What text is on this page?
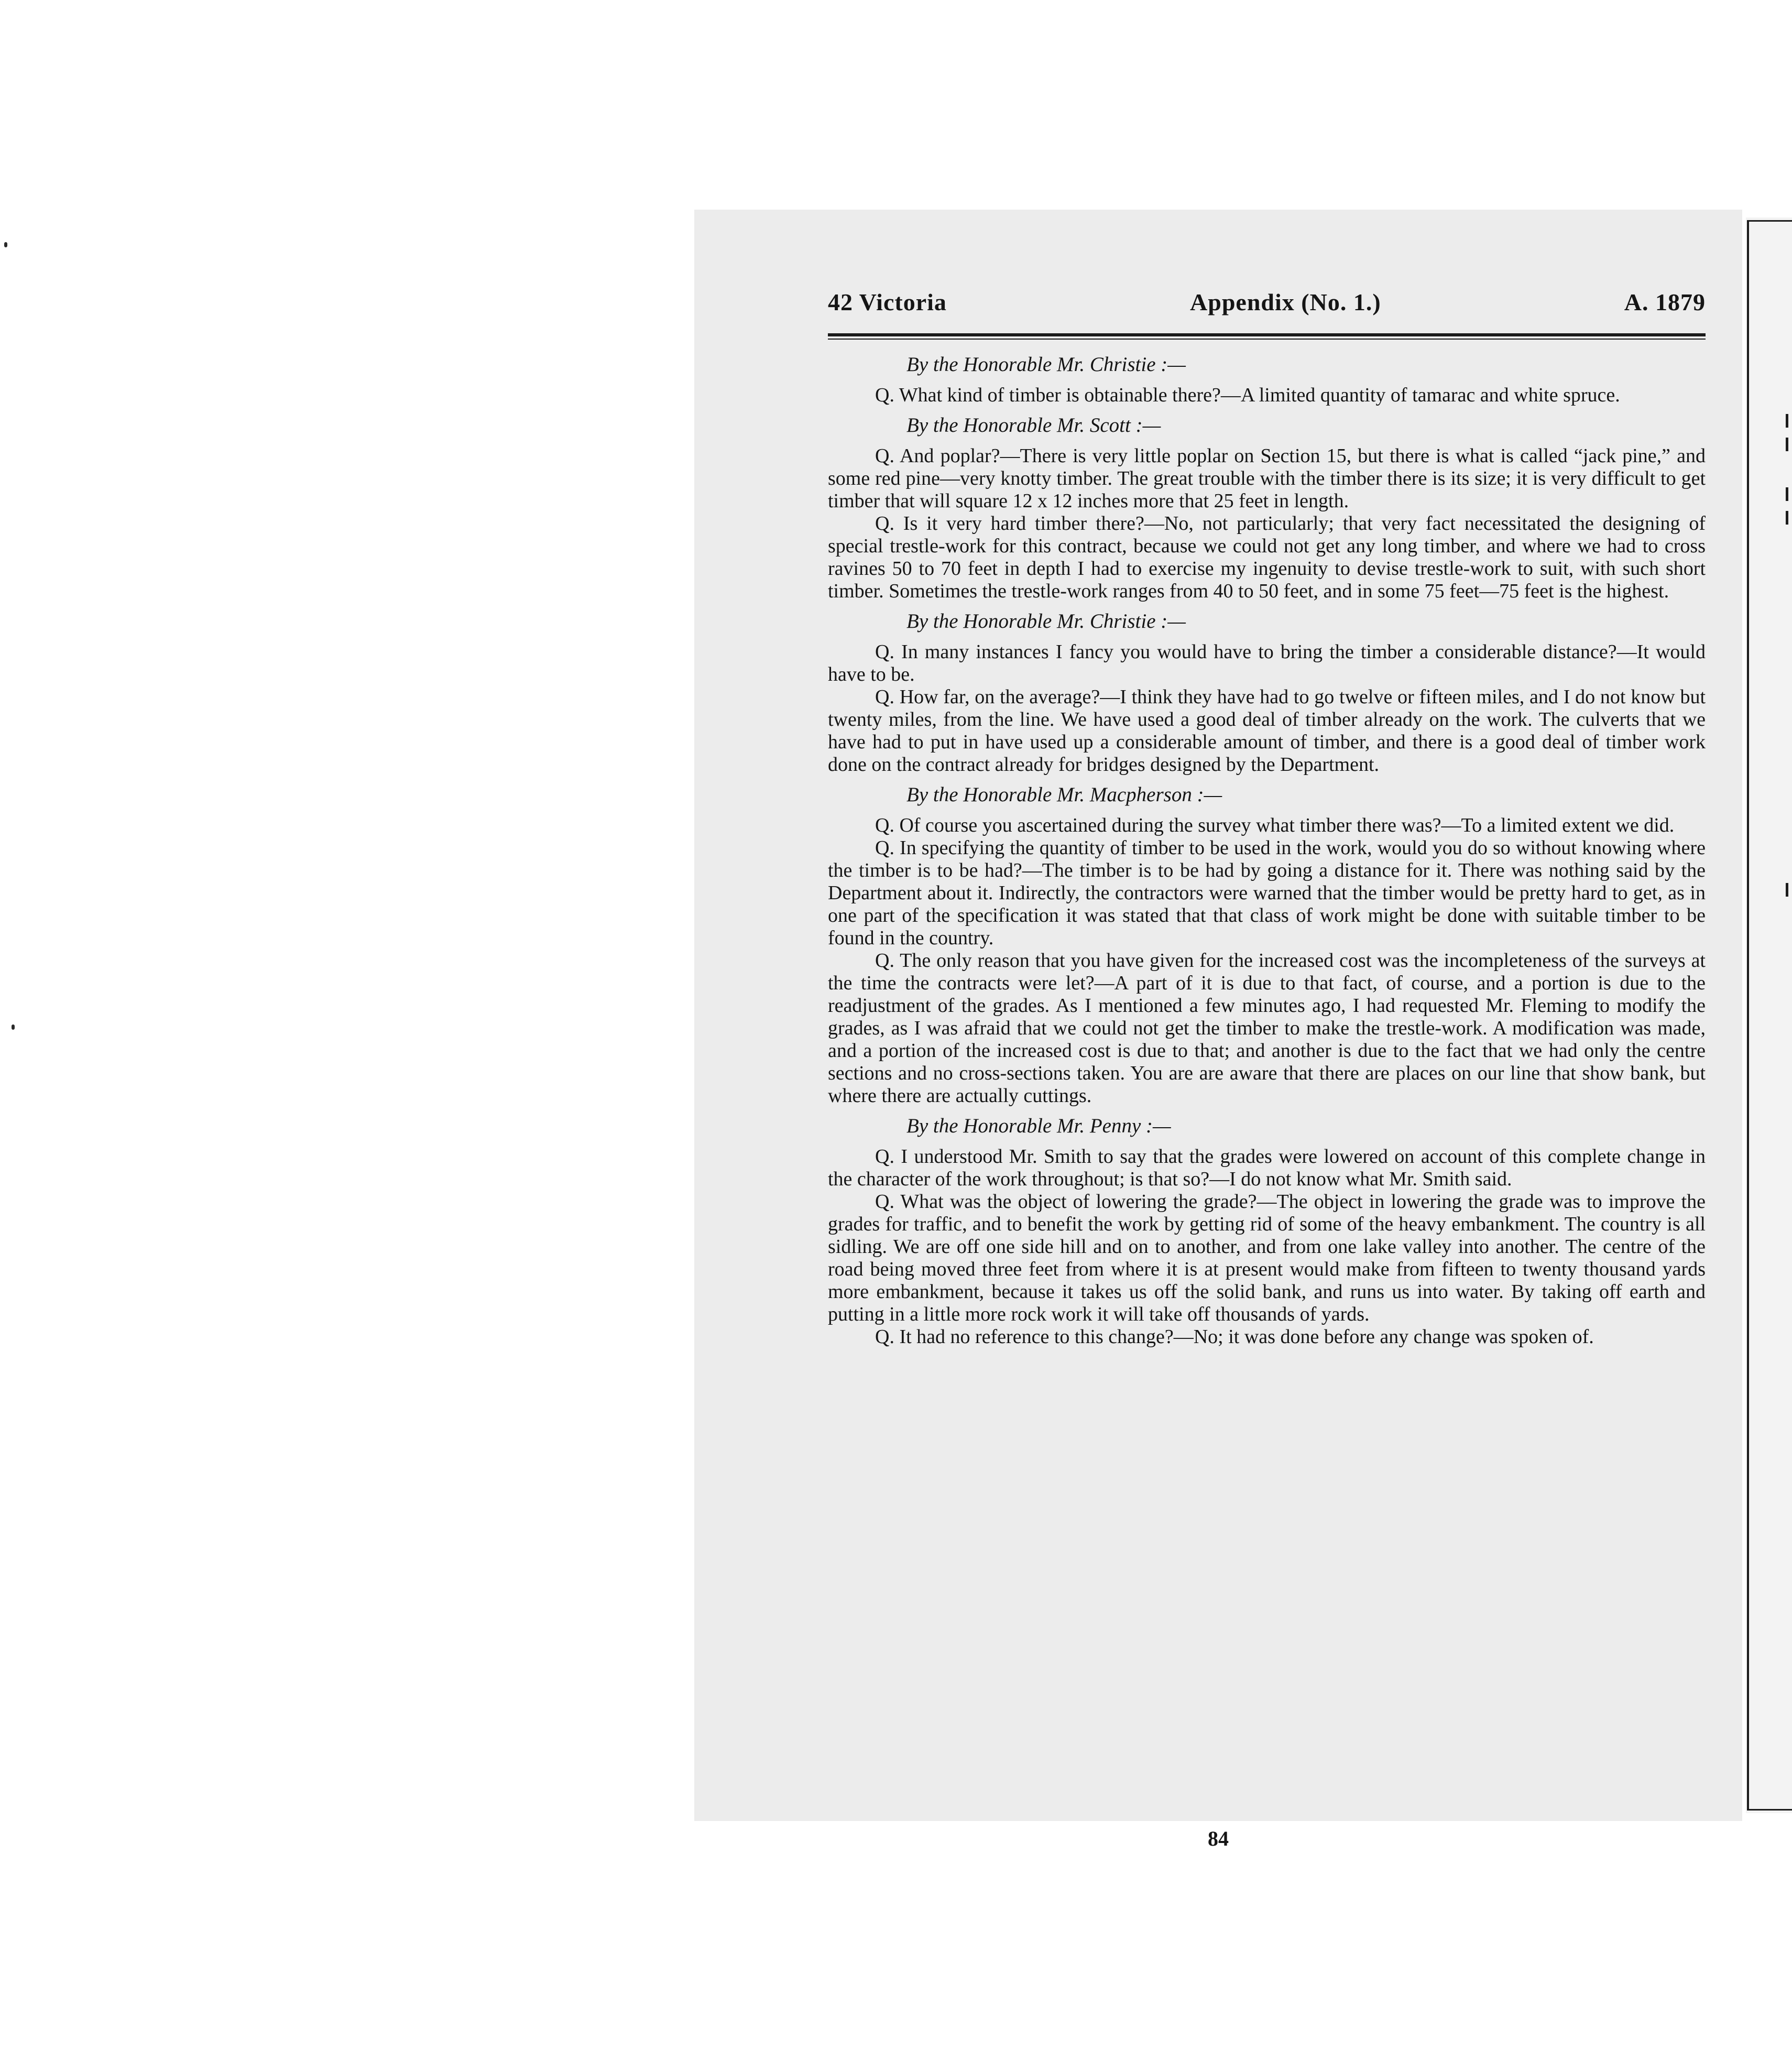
42 Victoria	Appendix (No. 1.)	A. 1879
By the Honorable Mr. Christie :—

Q. What kind of timber is obtainable there?—A limited quantity of tamarac and white spruce.

By the Honorable Mr. Scott :—

Q. And poplar?—There is very little poplar on Section 15, but there is what is called “jack pine,” and some red pine—very knotty timber. The great trouble with the timber there is its size; it is very difficult to get timber that will square 12 x 12 inches more that 25 feet in length.

Q. Is it very hard timber there?—No, not particularly; that very fact necessitated the designing of special trestle-work for this contract, because we could not get any long timber, and where we had to cross ravines 50 to 70 feet in depth I had to exercise my ingenuity to devise trestle-work to suit, with such short timber. Sometimes the trestle-work ranges from 40 to 50 feet, and in some 75 feet—75 feet is the highest.

By the Honorable Mr. Christie :—

Q. In many instances I fancy you would have to bring the timber a considerable distance?—It would have to be.

Q. How far, on the average?—I think they have had to go twelve or fifteen miles, and I do not know but twenty miles, from the line. We have used a good deal of timber already on the work. The culverts that we have had to put in have used up a considerable amount of timber, and there is a good deal of timber work done on the contract already for bridges designed by the Department.

By the Honorable Mr. Macpherson :—

Q. Of course you ascertained during the survey what timber there was?—To a limited extent we did.

Q. In specifying the quantity of timber to be used in the work, would you do so without knowing where the timber is to be had?—The timber is to be had by going a distance for it. There was nothing said by the Department about it. Indirectly, the contractors were warned that the timber would be pretty hard to get, as in one part of the specification it was stated that that class of work might be done with suitable timber to be found in the country.

Q. The only reason that you have given for the increased cost was the incompleteness of the surveys at the time the contracts were let?—A part of it is due to that fact, of course, and a portion is due to the readjustment of the grades. As I mentioned a few minutes ago, I had requested Mr. Fleming to modify the grades, as I was afraid that we could not get the timber to make the trestle-work. A modification was made, and a portion of the increased cost is due to that; and another is due to the fact that we had only the centre sections and no cross-sections taken. You are are aware that there are places on our line that show bank, but where there are actually cuttings.

By the Honorable Mr. Penny :—

Q. I understood Mr. Smith to say that the grades were lowered on account of this complete change in the character of the work throughout; is that so?—I do not know what Mr. Smith said.

Q. What was the object of lowering the grade?—The object in lowering the grade was to improve the grades for traffic, and to benefit the work by getting rid of some of the heavy embankment. The country is all sidling. We are off one side hill and on to another, and from one lake valley into another. The centre of the road being moved three feet from where it is at present would make from fifteen to twenty thousand yards more embankment, because it takes us off the solid bank, and runs us into water. By taking off earth and putting in a little more rock work it will take off thousands of yards.

Q. It had no reference to this change?—No; it was done before any change was spoken of.

84
